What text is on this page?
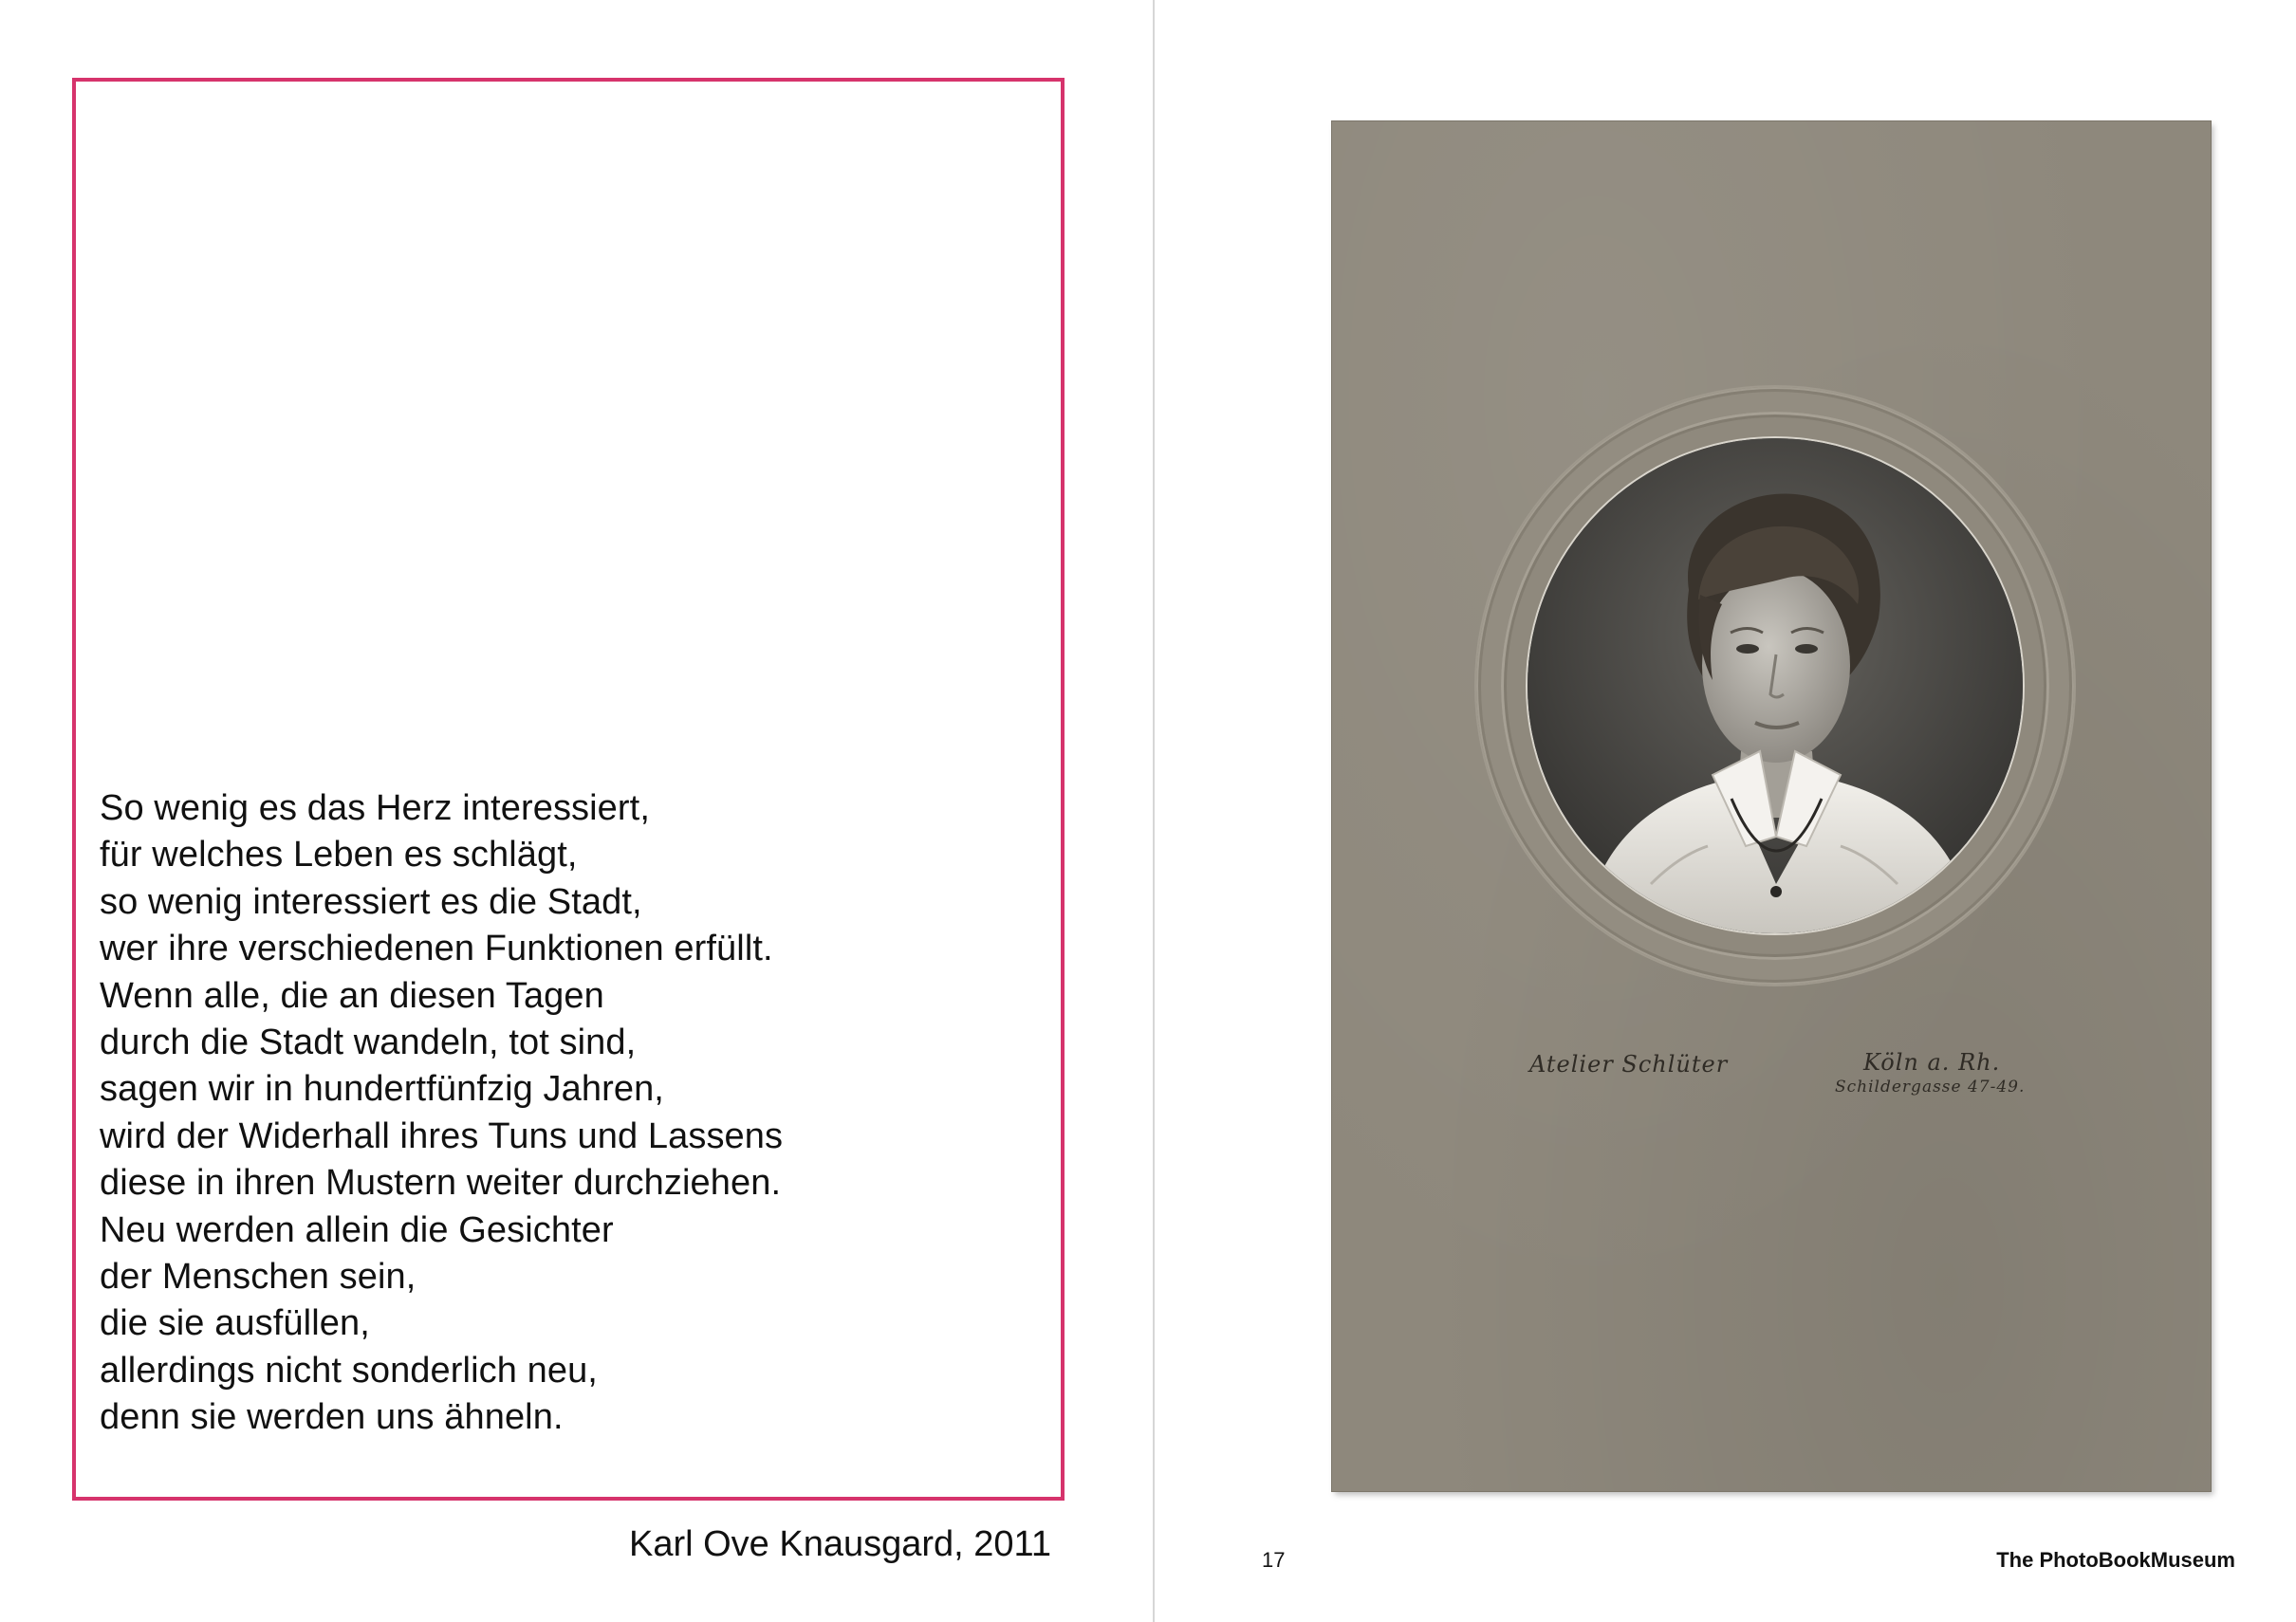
So wenig es das Herz interessiert,
für welches Leben es schlägt,
so wenig interessiert es die Stadt,
wer ihre verschiedenen Funktionen erfüllt.
Wenn alle, die an diesen Tagen
durch die Stadt wandeln, tot sind,
sagen wir in hundertfünfzig Jahren,
wird der Widerhall ihres Tuns und Lassens
diese in ihren Mustern weiter durchziehen.
Neu werden allein die Gesichter
der Menschen sein,
die sie ausfüllen,
allerdings nicht sonderlich neu,
denn sie werden uns ähneln.
Karl Ove Knausgard, 2011
Atelier Schlüter	Köln a. Rh.
Schildergasse 47-49.
17	The PhotoBookMuseum
